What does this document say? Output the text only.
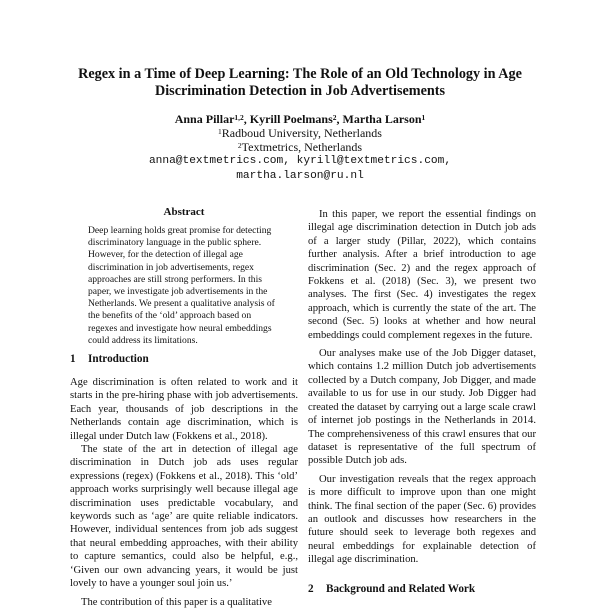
Regex in a Time of Deep Learning: The Role of an Old Technology in Age
Discrimination Detection in Job Advertisements
Anna Pillar$^{1,2}$, Kyrill Poelmans$^2$, Martha Larson$^1$
$^1$Radboud University, Netherlands
$^2$Textmetrics, Netherlands
anna@textmetrics.com, kyrill@textmetrics.com,
martha.larson@ru.nl
Abstract

Deep learning holds great promise for detecting discriminatory language in the public sphere. However, for the detection of illegal age discrimination in job advertisements, regex approaches are still strong performers. In this paper, we investigate job advertisements in the Netherlands. We present a qualitative analysis of the benefits of the ‘old’ approach based on regexes and investigate how neural embeddings could address its limitations.

1 Introduction

Age discrimination is often related to work and it starts in the pre-hiring phase with job advertisements. Each year, thousands of job descriptions in the Netherlands contain age discrimination, which is illegal under Dutch law (Fokkens et al., 2018).

The state of the art in detection of illegal age discrimination in Dutch job ads uses regular expressions (regex) (Fokkens et al., 2018). This ‘old’ approach works surprisingly well because illegal age discrimination uses predictable vocabulary, and keywords such as ‘age’ are quite reliable indicators. However, individual sentences from job ads suggest that neural embedding approaches, with their ability to capture semantics, could also be helpful, e.g., ‘Given our own advancing years, it would be just lovely to have a younger soul join us.’

The contribution of this paper is a qualitative

In this paper, we report the essential findings on illegal age discrimination detection in Dutch job ads of a larger study (Pillar, 2022), which contains further analysis. After a brief introduction to age discrimination (Sec. 2) and the regex approach of Fokkens et al. (2018) (Sec. 3), we present two analyses. The first (Sec. 4) investigates the regex approach, which is currently the state of the art. The second (Sec. 5) looks at whether and how neural embeddings could complement regexes in the future.

Our analyses make use of the Job Digger dataset, which contains 1.2 million Dutch job advertisements collected by a Dutch company, Job Digger, and made available to us for use in our study. Job Digger had created the dataset by carrying out a large scale crawl of internet job postings in the Netherlands in 2014. The comprehensiveness of this crawl ensures that our dataset is representative of the full spectrum of possible Dutch job ads.

Our investigation reveals that the regex approach is more difficult to improve upon than one might think. The final section of the paper (Sec. 6) provides an outlook and discusses how researchers in the future should seek to leverage both regexes and neural embeddings for explainable detection of illegal age discrimination.

2 Background and Related Work
